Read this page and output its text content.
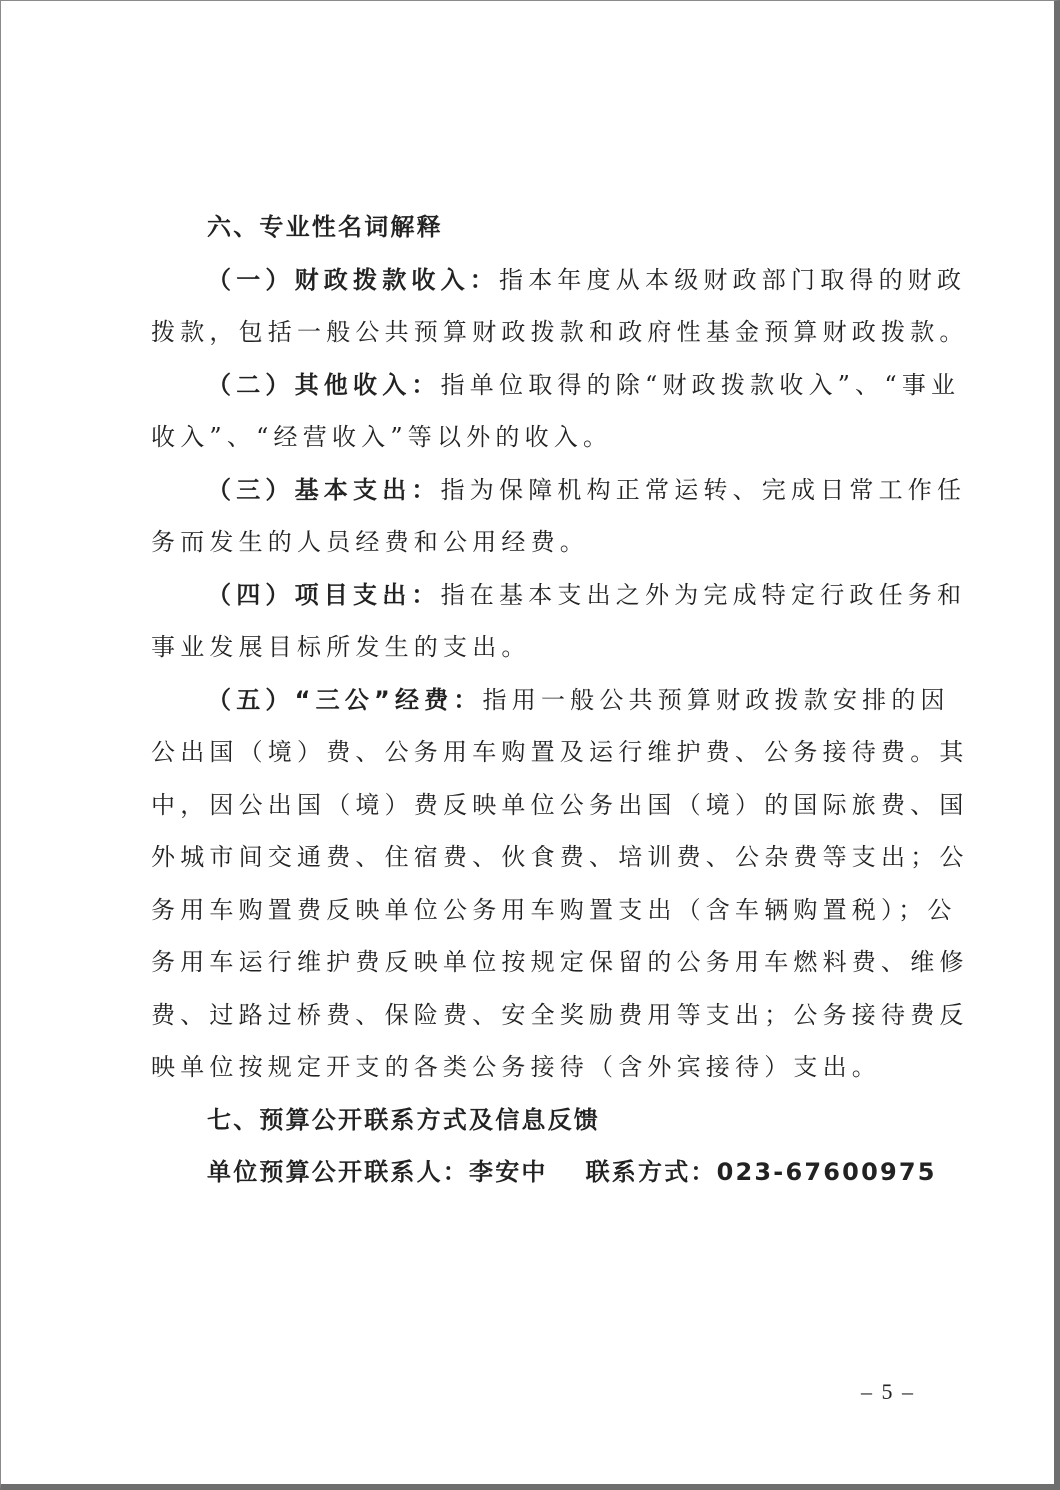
六、专业性名词解释
（一）财政拨款收入：指本年度从本级财政部门取得的财政
拨款，包括一般公共预算财政拨款和政府性基金预算财政拨款。
（二）其他收入：指单位取得的除“财政拨款收入”、“事业
收入”、“经营收入”等以外的收入。
（三）基本支出：指为保障机构正常运转、完成日常工作任
务而发生的人员经费和公用经费。
（四）项目支出：指在基本支出之外为完成特定行政任务和
事业发展目标所发生的支出。
（五）“三公”经费：指用一般公共预算财政拨款安排的因
公出国（境）费、公务用车购置及运行维护费、公务接待费。其
中，因公出国（境）费反映单位公务出国（境）的国际旅费、国
外城市间交通费、住宿费、伙食费、培训费、公杂费等支出；公
务用车购置费反映单位公务用车购置支出（含车辆购置税）；公
务用车运行维护费反映单位按规定保留的公务用车燃料费、维修
费、过路过桥费、保险费、安全奖励费用等支出；公务接待费反
映单位按规定开支的各类公务接待（含外宾接待）支出。
七、预算公开联系方式及信息反馈
单位预算公开联系人：李安中 联系方式：023-67600975
– 5 –
